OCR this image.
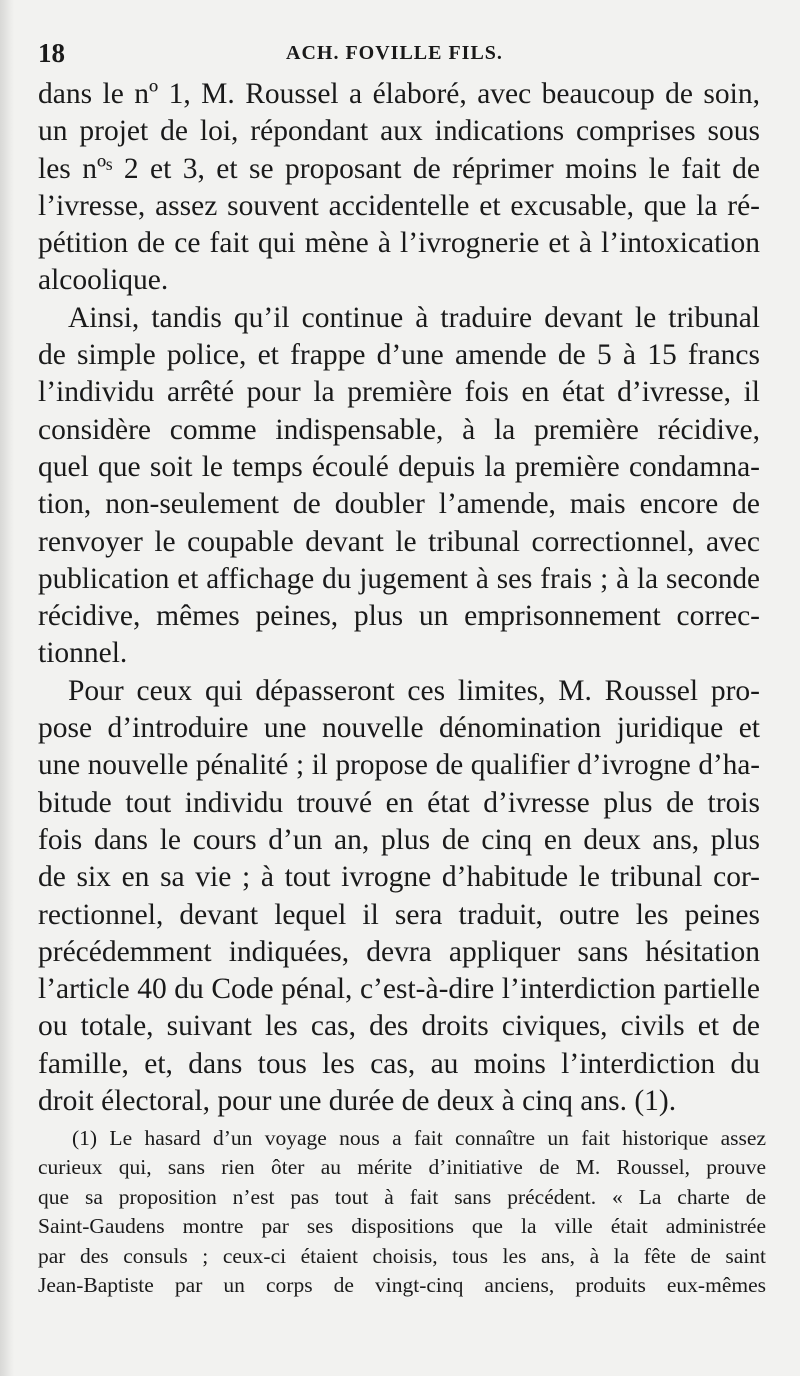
18	ACH. FOVILLE FILS.
dans le nº 1, M. Roussel a élaboré, avec beaucoup de soin,
un projet de loi, répondant aux indications comprises sous
les nºˢ 2 et 3, et se proposant de réprimer moins le fait de
l’ivresse, assez souvent accidentelle et excusable, que la ré-
pétition de ce fait qui mène à l’ivrognerie et à l’intoxication
alcoolique.
Ainsi, tandis qu’il continue à traduire devant le tribunal
de simple police, et frappe d’une amende de 5 à 15 francs
l’individu arrêté pour la première fois en état d’ivresse, il
considère comme indispensable, à la première récidive,
quel que soit le temps écoulé depuis la première condamna-
tion, non-seulement de doubler l’amende, mais encore de
renvoyer le coupable devant le tribunal correctionnel, avec
publication et affichage du jugement à ses frais ; à la seconde
récidive, mêmes peines, plus un emprisonnement correc-
tionnel.
Pour ceux qui dépasseront ces limites, M. Roussel pro-
pose d’introduire une nouvelle dénomination juridique et
une nouvelle pénalité ; il propose de qualifier d’ivrogne d’ha-
bitude tout individu trouvé en état d’ivresse plus de trois
fois dans le cours d’un an, plus de cinq en deux ans, plus
de six en sa vie ; à tout ivrogne d’habitude le tribunal cor-
rectionnel, devant lequel il sera traduit, outre les peines
précédemment indiquées, devra appliquer sans hésitation
l’article 40 du Code pénal, c’est-à-dire l’interdiction partielle
ou totale, suivant les cas, des droits civiques, civils et de
famille, et, dans tous les cas, au moins l’interdiction du
droit électoral, pour une durée de deux à cinq ans. (1).
(1) Le hasard d’un voyage nous a fait connaître un fait historique assez
curieux qui, sans rien ôter au mérite d’initiative de M. Roussel, prouve
que sa proposition n’est pas tout à fait sans précédent. « La charte de
Saint-Gaudens montre par ses dispositions que la ville était administrée
par des consuls ; ceux-ci étaient choisis, tous les ans, à la fête de saint
Jean-Baptiste par un corps de vingt-cinq anciens, produits eux-mêmes
